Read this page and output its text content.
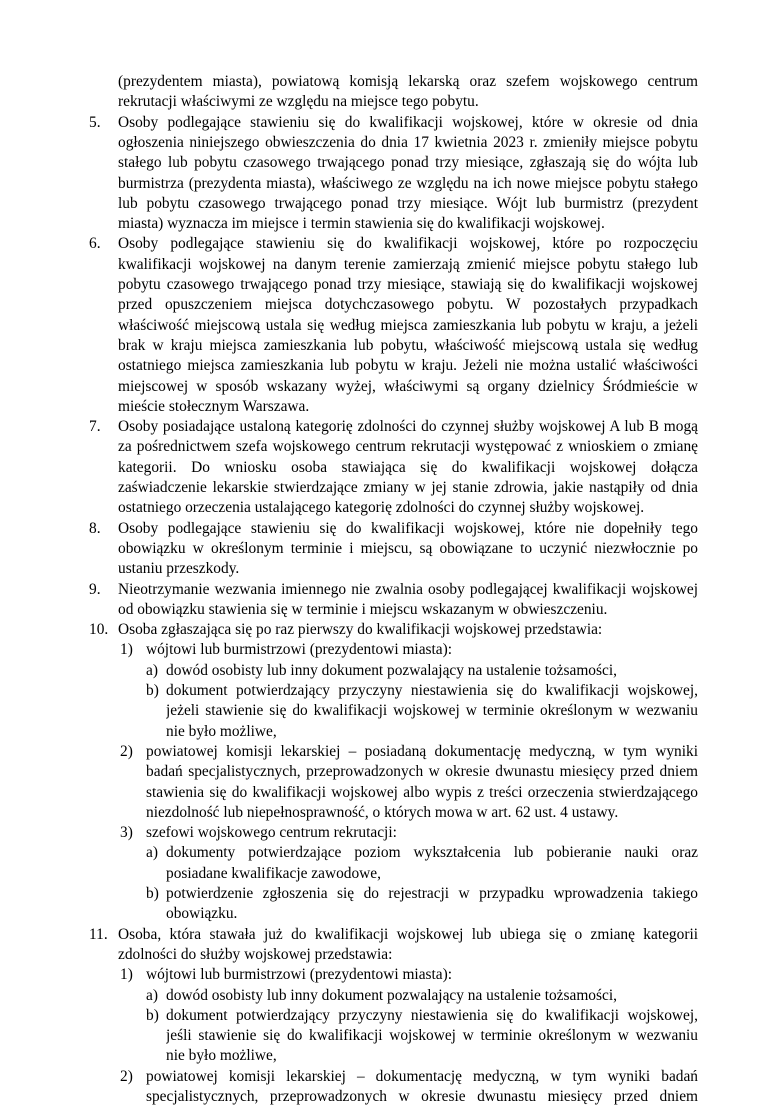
(prezydentem miasta), powiatową komisją lekarską oraz szefem wojskowego centrum
rekrutacji właściwymi ze względu na miejsce tego pobytu.
5. Osoby podlegające stawieniu się do kwalifikacji wojskowej, które w okresie od dnia
ogłoszenia niniejszego obwieszczenia do dnia 17 kwietnia 2023 r. zmieniły miejsce pobytu
stałego lub pobytu czasowego trwającego ponad trzy miesiące, zgłaszają się do wójta lub
burmistrza (prezydenta miasta), właściwego ze względu na ich nowe miejsce pobytu stałego
lub pobytu czasowego trwającego ponad trzy miesiące. Wójt lub burmistrz (prezydent
miasta) wyznacza im miejsce i termin stawienia się do kwalifikacji wojskowej.
6. Osoby podlegające stawieniu się do kwalifikacji wojskowej, które po rozpoczęciu
kwalifikacji wojskowej na danym terenie zamierzają zmienić miejsce pobytu stałego lub
pobytu czasowego trwającego ponad trzy miesiące, stawiają się do kwalifikacji wojskowej
przed opuszczeniem miejsca dotychczasowego pobytu. W pozostałych przypadkach
właściwość miejscową ustala się według miejsca zamieszkania lub pobytu w kraju, a jeżeli
brak w kraju miejsca zamieszkania lub pobytu, właściwość miejscową ustala się według
ostatniego miejsca zamieszkania lub pobytu w kraju. Jeżeli nie można ustalić właściwości
miejscowej w sposób wskazany wyżej, właściwymi są organy dzielnicy Śródmieście w
mieście stołecznym Warszawa.
7. Osoby posiadające ustaloną kategorię zdolności do czynnej służby wojskowej A lub B mogą
za pośrednictwem szefa wojskowego centrum rekrutacji występować z wnioskiem o zmianę
kategorii. Do wniosku osoba stawiająca się do kwalifikacji wojskowej dołącza
zaświadczenie lekarskie stwierdzające zmiany w jej stanie zdrowia, jakie nastąpiły od dnia
ostatniego orzeczenia ustalającego kategorię zdolności do czynnej służby wojskowej.
8. Osoby podlegające stawieniu się do kwalifikacji wojskowej, które nie dopełniły tego
obowiązku w określonym terminie i miejscu, są obowiązane to uczynić niezwłocznie po
ustaniu przeszkody.
9. Nieotrzymanie wezwania imiennego nie zwalnia osoby podlegającej kwalifikacji wojskowej
od obowiązku stawienia się w terminie i miejscu wskazanym w obwieszczeniu.
10. Osoba zgłaszająca się po raz pierwszy do kwalifikacji wojskowej przedstawia:
1) wójtowi lub burmistrzowi (prezydentowi miasta):
a) dowód osobisty lub inny dokument pozwalający na ustalenie tożsamości,
b) dokument potwierdzający przyczyny niestawienia się do kwalifikacji wojskowej,
jeżeli stawienie się do kwalifikacji wojskowej w terminie określonym w wezwaniu
nie było możliwe,
2) powiatowej komisji lekarskiej – posiadaną dokumentację medyczną, w tym wyniki
badań specjalistycznych, przeprowadzonych w okresie dwunastu miesięcy przed dniem
stawienia się do kwalifikacji wojskowej albo wypis z treści orzeczenia stwierdzającego
niezdolność lub niepełnosprawność, o których mowa w art. 62 ust. 4 ustawy.
3) szefowi wojskowego centrum rekrutacji:
a) dokumenty potwierdzające poziom wykształcenia lub pobieranie nauki oraz
posiadane kwalifikacje zawodowe,
b) potwierdzenie zgłoszenia się do rejestracji w przypadku wprowadzenia takiego
obowiązku.
11. Osoba, która stawała już do kwalifikacji wojskowej lub ubiega się o zmianę kategorii
zdolności do służby wojskowej przedstawia:
1) wójtowi lub burmistrzowi (prezydentowi miasta):
a) dowód osobisty lub inny dokument pozwalający na ustalenie tożsamości,
b) dokument potwierdzający przyczyny niestawienia się do kwalifikacji wojskowej,
jeśli stawienie się do kwalifikacji wojskowej w terminie określonym w wezwaniu
nie było możliwe,
2) powiatowej komisji lekarskiej – dokumentację medyczną, w tym wyniki badań
specjalistycznych, przeprowadzonych w okresie dwunastu miesięcy przed dniem
